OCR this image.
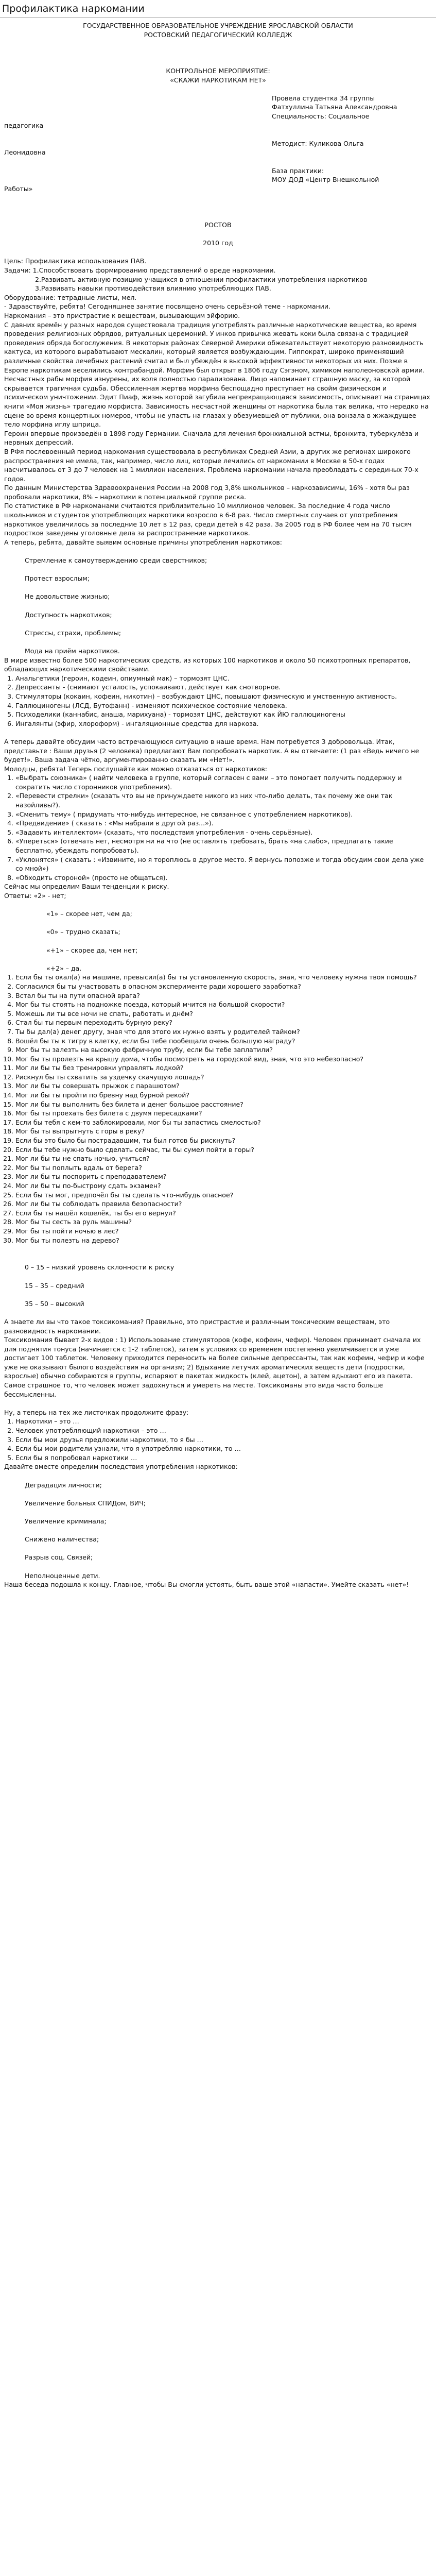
Профилактика наркомании

ГОСУДАРСТВЕННОЕ ОБРАЗОВАТЕЛЬНОЕ УЧРЕЖДЕНИЕ ЯРОСЛАВСКОЙ ОБЛАСТИ

РОСТОВСКИЙ ПЕДАГОГИЧЕСКИЙ КОЛЛЕДЖ

КОНТРОЛЬНОЕ МЕРОПРИЯТИЕ:

«СКАЖИ НАРКОТИКАМ НЕТ»

Провела студентка 34 группы

Фатхуллина Татьяна Александровна

Специальность: Социальное

педагогика

Методист: Куликова Ольга

Леонидовна

База практики:

МОУ ДОД «Центр Внешкольной

Работы»

РОСТОВ

2010 год

Цель: Профилактика использования ПАВ.

Задачи: 1.Способствовать формированию представлений о вреде наркомании.

2.Развивать активную позицию учащихся в отношении профилактики употребления наркотиков

3.Развивать навыки противодействия влиянию употребляющих ПАВ.

Оборудование: тетрадные листы, мел.

- Здравствуйте, ребята! Сегодняшнее занятие посвящено очень серьёзной теме - наркомании.

Наркомания – это пристрастие к веществам, вызывающим эйфорию.

С давних времён у разных народов существовала традиция употреблять различные наркотические вещества, во время проведения религиозных обрядов, ритуальных церемоний. У инков привычка жевать коки была связана с традицией проведения обряда богослужения. В некоторых районах Северной Америки обжевательствует некоторую разновидность кактуса, из которого вырабатывают мескалин, который является возбуждающим. Гиппократ, широко применявший различные свойства лечебных растений считал и был убеждён в высокой эффективности некоторых из них. Позже в Европе наркотикам веселились контрабандой. Морфин был открыт в 1806 году Сэгэном, химиком наполеоновской армии.

Несчастных рабы морфия изнурены, их воля полностью парализована. Лицо напоминает страшную маску, за которой скрывается трагичная судьба. Обессиленная жертва морфина беспощадно преступает на свойм физическом и психическом уничтожении. Эдит Пиаф, жизнь которой загубила непрекращающаяся зависимость, описывает на страницах книги «Моя жизнь» трагедию морфиста. Зависимость несчастной женщины от наркотика была так велика, что нередко на сцене во время концертных номеров, чтобы не упасть на глазах у обезумевшей от публики, она вонзала в жжаждущее тело морфина иглу шприца.

Героин впервые произведён в 1898 году Германии. Сначала для лечения бронхиальной астмы, бронхита, туберкулёза и нервных депрессий.

В РФя послевоенный период наркомания существовала в республиках Средней Азии, а других же регионах широкого распространения не имела, так, например, число лиц, которые лечились от наркомании в Москве в 50-х годах насчитывалось от 3 до 7 человек на 1 миллион населения. Проблема наркомании начала преобладать с серединых 70-х годов.

По данным Министерства Здравоохранения России на 2008 год 3,8% школьников – наркозависимы, 16% - хотя бы раз пробовали наркотики, 8% – наркотики в потенциальной группе риска.

По статистике в РФ наркоманами считаются приблизительно 10 миллионов человек. За последние 4 года число школьников и студентов употребляющих наркотики возросло в 6-8 раз. Число смертных случаев от употребления наркотиков увеличилось за последние 10 лет в 12 раз, среди детей в 42 раза. За 2005 год в РФ более чем на 70 тысяч подростков заведены уголовные дела за распространение наркотиков.

А теперь, ребята, давайте выявим основные причины употребления наркотиков:

Стремление к самоутверждению среди сверстников;

Протест взрослым;

Не довольствие жизнью;

Доступность наркотиков;

Стрессы, страхи, проблемы;

Мода на приём наркотиков.

В мире известно более 500 наркотических средств, из которых 100 наркотиков и около 50 психотропных препаратов, обладающих наркотическими свойствами.

1. Анальгетики (героин, кодеин, опиумный мак) – тормозят ЦНС.
2. Депрессанты - (снимают усталость, успокаивают, действует как снотворное.
3. Стимуляторы (кокаин, кофеин, никотин) – возбуждают ЦНС, повышают физическую и умственную активность.
4. Галлюциногены (ЛСД, Бутофанн) - изменяют психическое состояние человека.
5. Психоделики (каннабис, анаша, марихуана) - тормозят ЦНС, действуют как ЙЮ галлюциногены
6. Ингалянты (эфир, хлороформ) - ингаляционные средства для наркоза.

А теперь давайте обсудим часто встречающуюся ситуацию в наше время. Нам потребуется 3 добровольца. Итак, представьте : Ваши друзья (2 человека) предлагают Вам попробовать наркотик. А вы отвечаете: (1 раз «Ведь ничего не будет!». Ваша задача чётко, аргументированно сказать им «Нет!».

Молодцы, ребята! Теперь послушайте как можно отказаться от наркотиков:

1. «Выбрать союзника» ( найти человека в группе, который согласен с вами – это помогает получить поддержку и сократить число сторонников употребления).
2. «Перевести стрелки» (сказать что вы не принуждаете никого из них что-либо делать, так почему же они так назойливы?).
3. «Сменить тему» ( придумать что-нибудь интересное, не связанное с употреблением наркотиков).
4. «Предвидение» ( сказать : «Мы набрали в другой раз...»).
5. «Задавить интеллектом» (сказать, что последствия употребления - очень серьёзные).
6. «Упереться» (отвечать нет, несмотря ни на что (не оставлять требовать, брать «на слабо», предлагать такие бесплатно, убеждать попробовать).
7. «Уклонятся» ( сказать : «Извините, но я тороплюсь в другое место. Я вернусь попозже и тогда обсудим свои дела уже со мной»)
8. «Обходить стороной» (просто не общаться).

Сейчас мы определим Ваши тенденции к риску.

Ответы: «2» - нет;

«1» – скорее нет, чем да;

«0» – трудно сказать;

«+1» – скорее да, чем нет;

«+2» – да.

1. Если бы ты окал(а) на машине, превысил(а) бы ты установленную скорость, зная, что человеку нужна твоя помощь?
2. Согласился бы ты участвовать в опасном эксперименте ради хорошего заработка?
3. Встал бы ты на пути опасной врага?
4. Мог бы ты стоять на подножке поезда, который мчится на большой скорости?
5. Можешь ли ты все ночи не спать, работать и днём?
6. Стал бы ты первым переходить бурную реку?
7. Ты бы дал(а) денег другу, зная что для этого их нужно взять у родителей тайком?
8. Вошёл бы ты к тигру в клетку, если бы тебе пообещали очень большую награду?
9. Мог бы ты залезть на высокую фабричную трубу, если бы тебе заплатили?
10. Мог бы ты пролезть на крышу дома, чтобы посмотреть на городской вид, зная, что это небезопасно?
11. Мог ли бы ты без тренировки управлять лодкой?
12. Рискнул бы ты схватить за уздечку скачущую лошадь?
13. Мог ли бы ты совершать прыжок с парашютом?
14. Мог ли бы ты пройти по бревну над бурной рекой?
15. Мог ли бы ты выполнить без билета и денег большое расстояние?
16. Мог бы ты проехать без билета с двумя пересадками?
17. Если бы тебя с кем-то заблокировали, мог бы ты запастись смелостью?
18. Мог бы ты выпрыгнуть с горы в реку?
19. Если бы это было бы пострадавшим, ты был готов бы рискнуть?
20. Если бы тебе нужно было сделать сейчас, ты бы сумел пойти в горы?
21. Мог ли бы ты не спать ночью, учиться?
22. Мог бы ты поплыть вдаль от берега?
23. Мог ли бы ты поспорить с преподавателем?
24. Мог ли бы ты по-быстрому сдать экзамен?
25. Если бы ты мог, предпочёл бы ты сделать что-нибудь опасное?
26. Мог ли бы ты соблюдать правила безопасности?
27. Если бы ты нашёл кошелёк, ты бы его вернул?
28. Мог бы ты сесть за руль машины?
29. Мог бы ты пойти ночью в лес?
30. Мог бы ты полезть на дерево?

0 – 15 – низкий уровень склонности к риску

15 – 35 – средний

35 – 50 – высокий

А знаете ли вы что такое токсикомания? Правильно, это пристрастие и различным токсическим веществам, это разновидность наркомании.

Токсикомания бывает 2-х видов : 1) Использование стимуляторов (кофе, кофеин, чефир). Человек принимает сначала их для поднятия тонуса (начинается с 1-2 таблеток), затем в условиях со временем постепенно увеличивается и уже достигает 100 таблеток. Человеку приходится переносить на более сильные депрессанты, так как кофеин, чефир и кофе уже не оказывают былого воздействия на организм; 2) Вдыхание летучих ароматических веществ дети (подростки, взрослые) обычно собираются в группы, испаряют в пакетах жидкость (клей, ацетон), а затем вдыхают его из пакета. Самое страшное то, что человек может задохнуться и умереть на месте. Токсикоманы это вида часто больше бессмысленны.

Ну, а теперь на тех же листочках продолжите фразу:

1. Наркотики – это …
2. Человек употребляющий наркотики – это …
3. Если бы мои друзья предложили наркотики, то я бы …
4. Если бы мои родители узнали, что я употребляю наркотики, то …
5. Если бы я попробовал наркотики …

Давайте вместе определим последствия употребления наркотиков:

Деградация личности;

Увеличение больных СПИДом, ВИЧ;

Увеличение криминала;

Снижено наличества;

Разрыв соц. Связей;

Неполноценные дети.

Наша беседа подошла к концу. Главное, чтобы Вы смогли устоять, быть ваше этой «напасти». Умейте сказать «нет»!
